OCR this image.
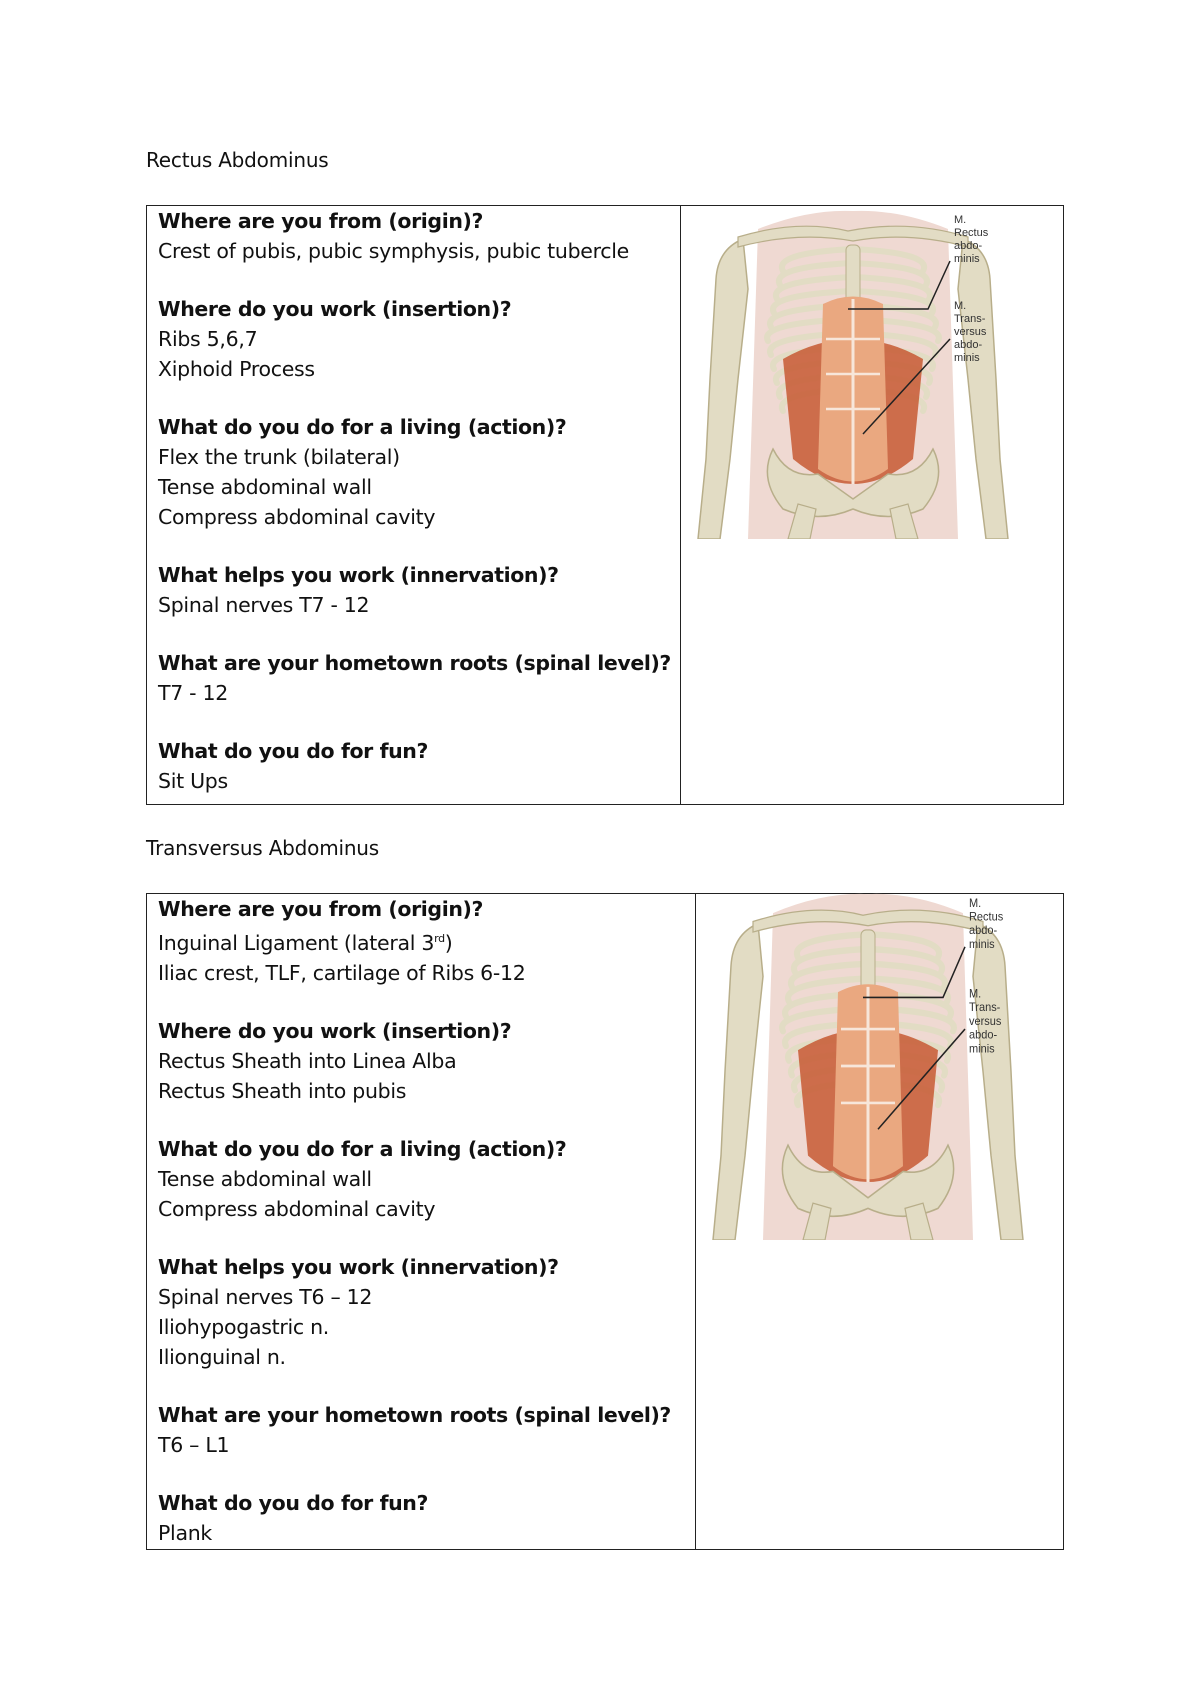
Rectus Abdominus

Where are you from (origin)?

Crest of pubis, pubic symphysis, pubic tubercle

Where do you work (insertion)?

Ribs 5,6,7

Xiphoid Process

What do you do for a living (action)?

Flex the trunk (bilateral)

Tense abdominal wall

Compress abdominal cavity

What helps you work (innervation)?

Spinal nerves T7 - 12

What are your hometown roots (spinal level)?

T7 - 12

What do you do for fun?

Sit Ups

M.
Rectus
abdo-
minis
M.
Trans-
versus
abdo-
minis
Transversus Abdominus

Where are you from (origin)?

Inguinal Ligament (lateral 3rd)

Iliac crest, TLF, cartilage of Ribs 6-12

Where do you work (insertion)?

Rectus Sheath into Linea Alba

Rectus Sheath into pubis

What do you do for a living (action)?

Tense abdominal wall

Compress abdominal cavity

What helps you work (innervation)?

Spinal nerves T6 – 12

Iliohypogastric n.

Ilionguinal n.

What are your hometown roots (spinal level)?

T6 – L1

What do you do for fun?

Plank

M.
Rectus
abdo-
minis
M.
Trans-
versus
abdo-
minis
